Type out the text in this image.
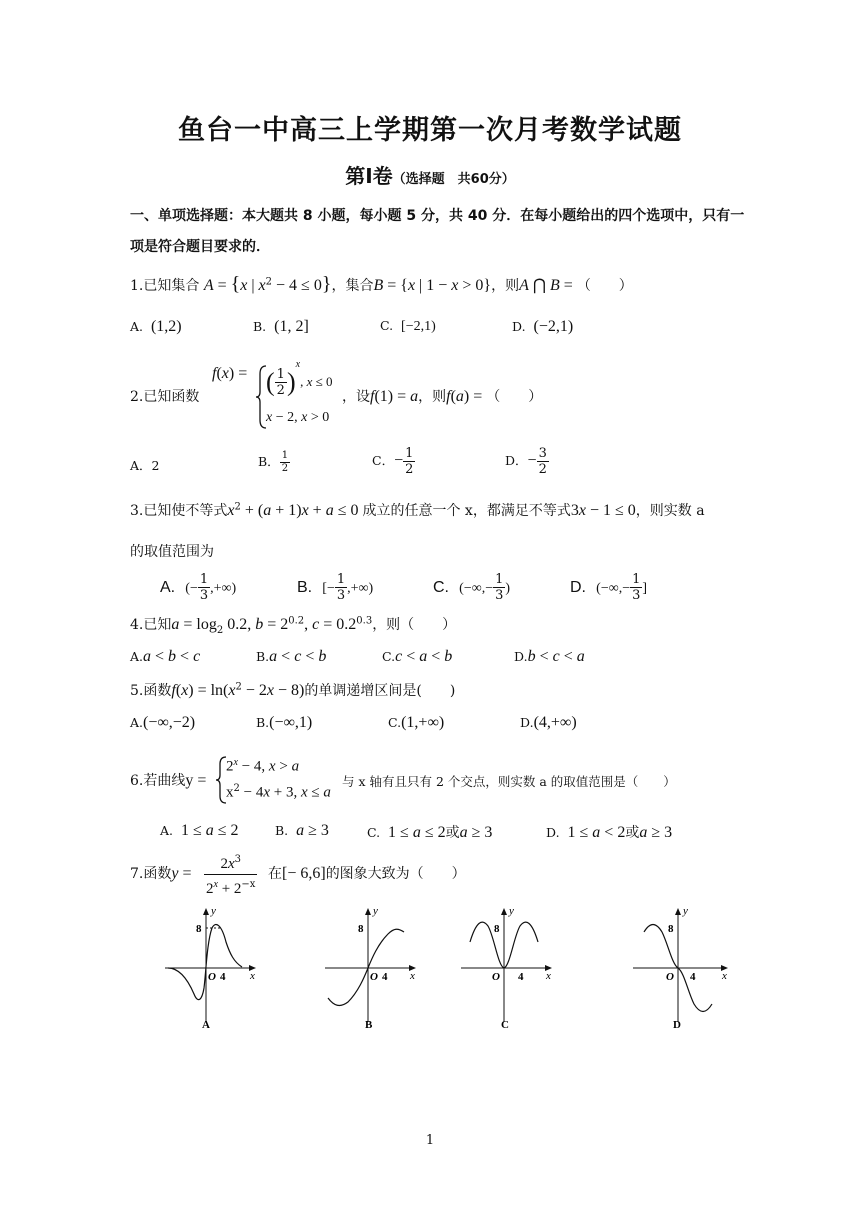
鱼台一中高三上学期第一次月考数学试题
第Ⅰ卷（选择题　共60分）
一、单项选择题：本大题共 8 小题，每小题 5 分，共 40 分．在每小题给出的四个选项中，只有一项是符合题目要求的．
1.已知集合 A = {x | $x^2 - 4 \le 0$}，集合B = {x | 1 − x > 0}，则A ⋂ B = （　　）
A. (1,2)	B. (1, 2]	C. [−2,1)	D. (−2,1)
2.已知函数
f(x) = ( $\frac{1}{2} )^x$, x ≤ 0
x − 2, x > 0
，设f(1) = a，则f(a) = （　　）
A．2	B． $\frac{1}{2}$	C．− $\frac{1}{2}$	D．− $\frac{3}{2}$
3.已知使不等式$x^2 + (a + 1)x + a \le 0$ 成立的任意一个 x，都满足不等式3x − 1 ≤ 0，则实数 a
的取值范围为
A. (− $\frac{1}{3}$ ,+∞)	B. [− $\frac{1}{3}$ ,+∞)	C. (−∞,− $\frac{1}{3}$ )	D. (−∞,− $\frac{1}{3}$ ]
4.已知$a = \log_2 0.2$, $b = 2^{0.2}$, $c = 0.2^{0.3}$，则（　　）
A.a < b < c	B.a < c < b	C.c < a < b	D.b < c < a
5.函数$f(x) = \ln(x^2 - 2x - 8)$的单调递增区间是(　　)
A.(−∞,−2)	B.(−∞,1)	C.(1,+∞)	D.(4,+∞)
6.若曲线y =
$2^x - 4$, x > a
$x^2 - 4x + 3$, x ≤ a
与 x 轴有且只有 2 个交点，则实数 a 的取值范围是（　　）
A. 1 ≤ a ≤ 2	B. a ≥ 3	C. 1 ≤ a ≤ 2或a ≥ 3	D. 1 ≤ a < 2或a ≥ 3
7.函数$y = \frac{2x^3}{2^x + 2^{-x}}$ 在[− 6,6]的图象大致为（　　）
y
x
8
O 4
A
y
x
8
O 4
B
y
x
8
O 4
C
y
x
8
O 4
D
1
